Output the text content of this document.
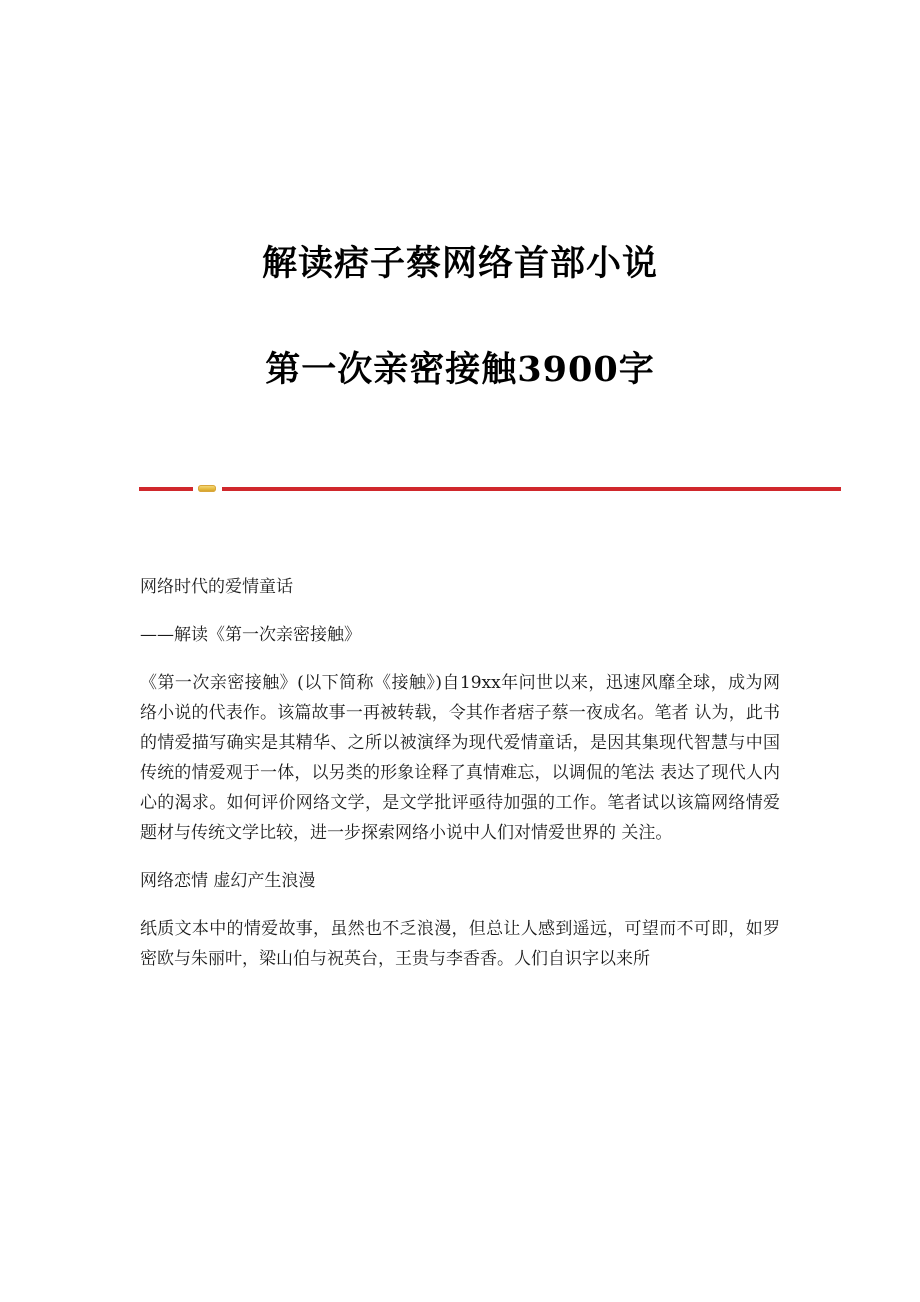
解读痞子蔡网络首部小说
第一次亲密接触3900字

网络时代的爱情童话

——解读《第一次亲密接触》

《第一次亲密接触》(以下简称《接触》)自19xx年问世以来，迅速风靡全球，成为网络小说的代表作。该篇故事一再被转载，令其作者痞子蔡一夜成名。笔者 认为，此书的情爱描写确实是其精华、之所以被演绎为现代爱情童话，是因其集现代智慧与中国传统的情爱观于一体，以另类的形象诠释了真情难忘，以调侃的笔法 表达了现代人内心的渴求。如何评价网络文学，是文学批评亟待加强的工作。笔者试以该篇网络情爱题材与传统文学比较，进一步探索网络小说中人们对情爱世界的 关注。

网络恋情 虚幻产生浪漫

纸质文本中的情爱故事，虽然也不乏浪漫，但总让人感到遥远，可望而不可即，如罗密欧与朱丽叶，梁山伯与祝英台，王贵与李香香。人们自识字以来所
